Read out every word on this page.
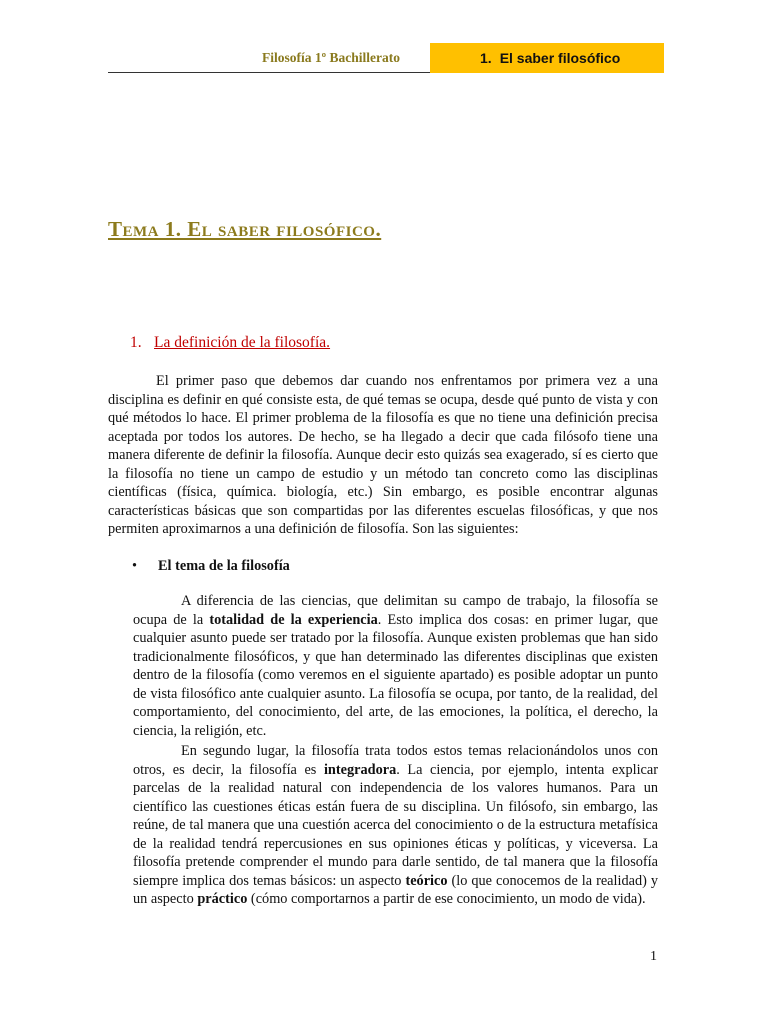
Filosofía 1º Bachillerato	1. El saber filosófico
Tema 1. El saber filosófico.
1. La definición de la filosofía.

El primer paso que debemos dar cuando nos enfrentamos por primera vez a una disciplina es definir en qué consiste esta, de qué temas se ocupa, desde qué punto de vista y con qué métodos lo hace. El primer problema de la filosofía es que no tiene una definición precisa aceptada por todos los autores. De hecho, se ha llegado a decir que cada filósofo tiene una manera diferente de definir la filosofía. Aunque decir esto quizás sea exagerado, sí es cierto que la filosofía no tiene un campo de estudio y un método tan concreto como las disciplinas científicas (física, química. biología, etc.) Sin embargo, es posible encontrar algunas características básicas que son compartidas por las diferentes escuelas filosóficas, y que nos permiten aproximarnos a una definición de filosofía. Son las siguientes:

• El tema de la filosofía

A diferencia de las ciencias, que delimitan su campo de trabajo, la filosofía se ocupa de la totalidad de la experiencia. Esto implica dos cosas: en primer lugar, que cualquier asunto puede ser tratado por la filosofía. Aunque existen problemas que han sido tradicionalmente filosóficos, y que han determinado las diferentes disciplinas que existen dentro de la filosofía (como veremos en el siguiente apartado) es posible adoptar un punto de vista filosófico ante cualquier asunto. La filosofía se ocupa, por tanto, de la realidad, del comportamiento, del conocimiento, del arte, de las emociones, la política, el derecho, la ciencia, la religión, etc.

En segundo lugar, la filosofía trata todos estos temas relacionándolos unos con otros, es decir, la filosofía es integradora. La ciencia, por ejemplo, intenta explicar parcelas de la realidad natural con independencia de los valores humanos. Para un científico las cuestiones éticas están fuera de su disciplina. Un filósofo, sin embargo, las reúne, de tal manera que una cuestión acerca del conocimiento o de la estructura metafísica de la realidad tendrá repercusiones en sus opiniones éticas y políticas, y viceversa. La filosofía pretende comprender el mundo para darle sentido, de tal manera que la filosofía siempre implica dos temas básicos: un aspecto teórico (lo que conocemos de la realidad) y un aspecto práctico (cómo comportarnos a partir de ese conocimiento, un modo de vida).

1
